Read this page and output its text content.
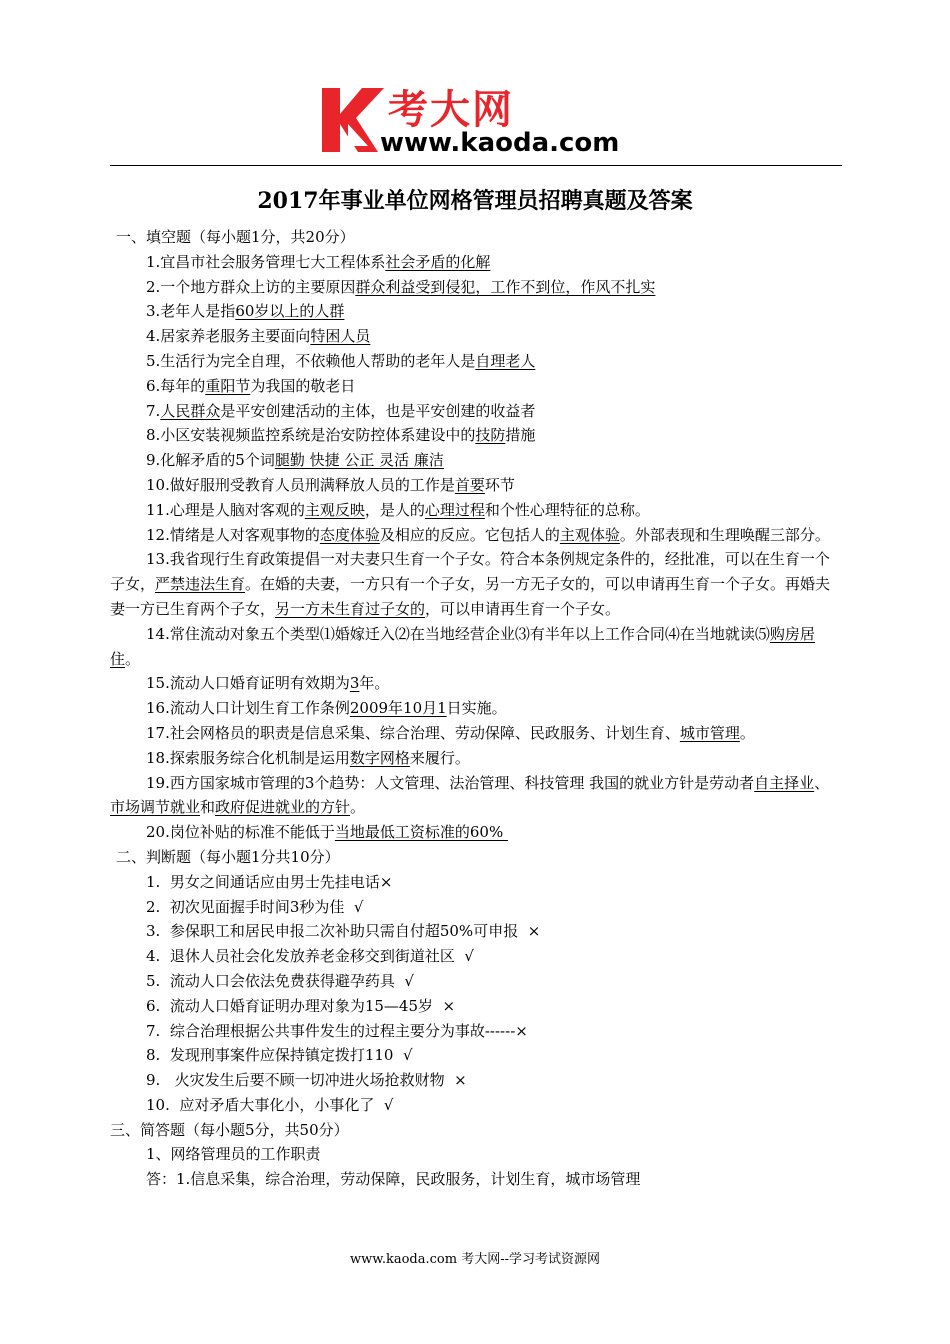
考大网
www.kaoda.com
2017年事业单位网格管理员招聘真题及答案

一、填空题（每小题1分，共20分）

1.宜昌市社会服务管理七大工程体系社会矛盾的化解

2.一个地方群众上访的主要原因群众利益受到侵犯，工作不到位，作风不扎实

3.老年人是指60岁以上的人群

4.居家养老服务主要面向特困人员

5.生活行为完全自理，不依赖他人帮助的老年人是自理老人

6.每年的重阳节为我国的敬老日

7.人民群众是平安创建活动的主体，也是平安创建的收益者

8.小区安装视频监控系统是治安防控体系建设中的技防措施

9.化解矛盾的5个词腿勤 快捷 公正 灵活 廉洁

10.做好服刑受教育人员刑满释放人员的工作是首要环节

11.心理是人脑对客观的主观反映，是人的心理过程和个性心理特征的总称。

12.情绪是人对客观事物的态度体验及相应的反应。它包括人的主观体验。外部表现和生理唤醒三部分。

13.我省现行生育政策提倡一对夫妻只生育一个子女。符合本条例规定条件的，经批准，可以在生育一个子女，严禁违法生育。在婚的夫妻，一方只有一个子女，另一方无子女的，可以申请再生育一个子女。再婚夫妻一方已生育两个子女，另一方未生育过子女的，可以申请再生育一个子女。

14.常住流动对象五个类型⑴婚嫁迁入⑵在当地经营企业⑶有半年以上工作合同⑷在当地就读⑸购房居住。

15.流动人口婚育证明有效期为3年。

16.流动人口计划生育工作条例2009年10月1日实施。

17.社会网格员的职责是信息采集、综合治理、劳动保障、民政服务、计划生育、城市管理。

18.探索服务综合化机制是运用数字网格来履行。

19.西方国家城市管理的3个趋势：人文管理、法治管理、科技管理 我国的就业方针是劳动者自主择业、市场调节就业和政府促进就业的方针。

20.岗位补贴的标准不能低于当地最低工资标准的60%

二、判断题（每小题1分共10分）

1.  男女之间通话应由男士先挂电话×

2.  初次见面握手时间3秒为佳  √

3.  参保职工和居民申报二次补助只需自付超50%可申报  ×

4.  退休人员社会化发放养老金移交到街道社区  √

5.  流动人口会依法免费获得避孕药具  √

6.  流动人口婚育证明办理对象为15—45岁  ×

7.  综合治理根据公共事件发生的过程主要分为事故------×

8.  发现刑事案件应保持镇定拨打110  √

9.   火灾发生后要不顾一切冲进火场抢救财物  ×

10.  应对矛盾大事化小，小事化了  √

三、简答题（每小题5分，共50分）

1、网络管理员的工作职责

答：1.信息采集，综合治理，劳动保障，民政服务，计划生育，城市场管理

www.kaoda.com 考大网--学习考试资源网
